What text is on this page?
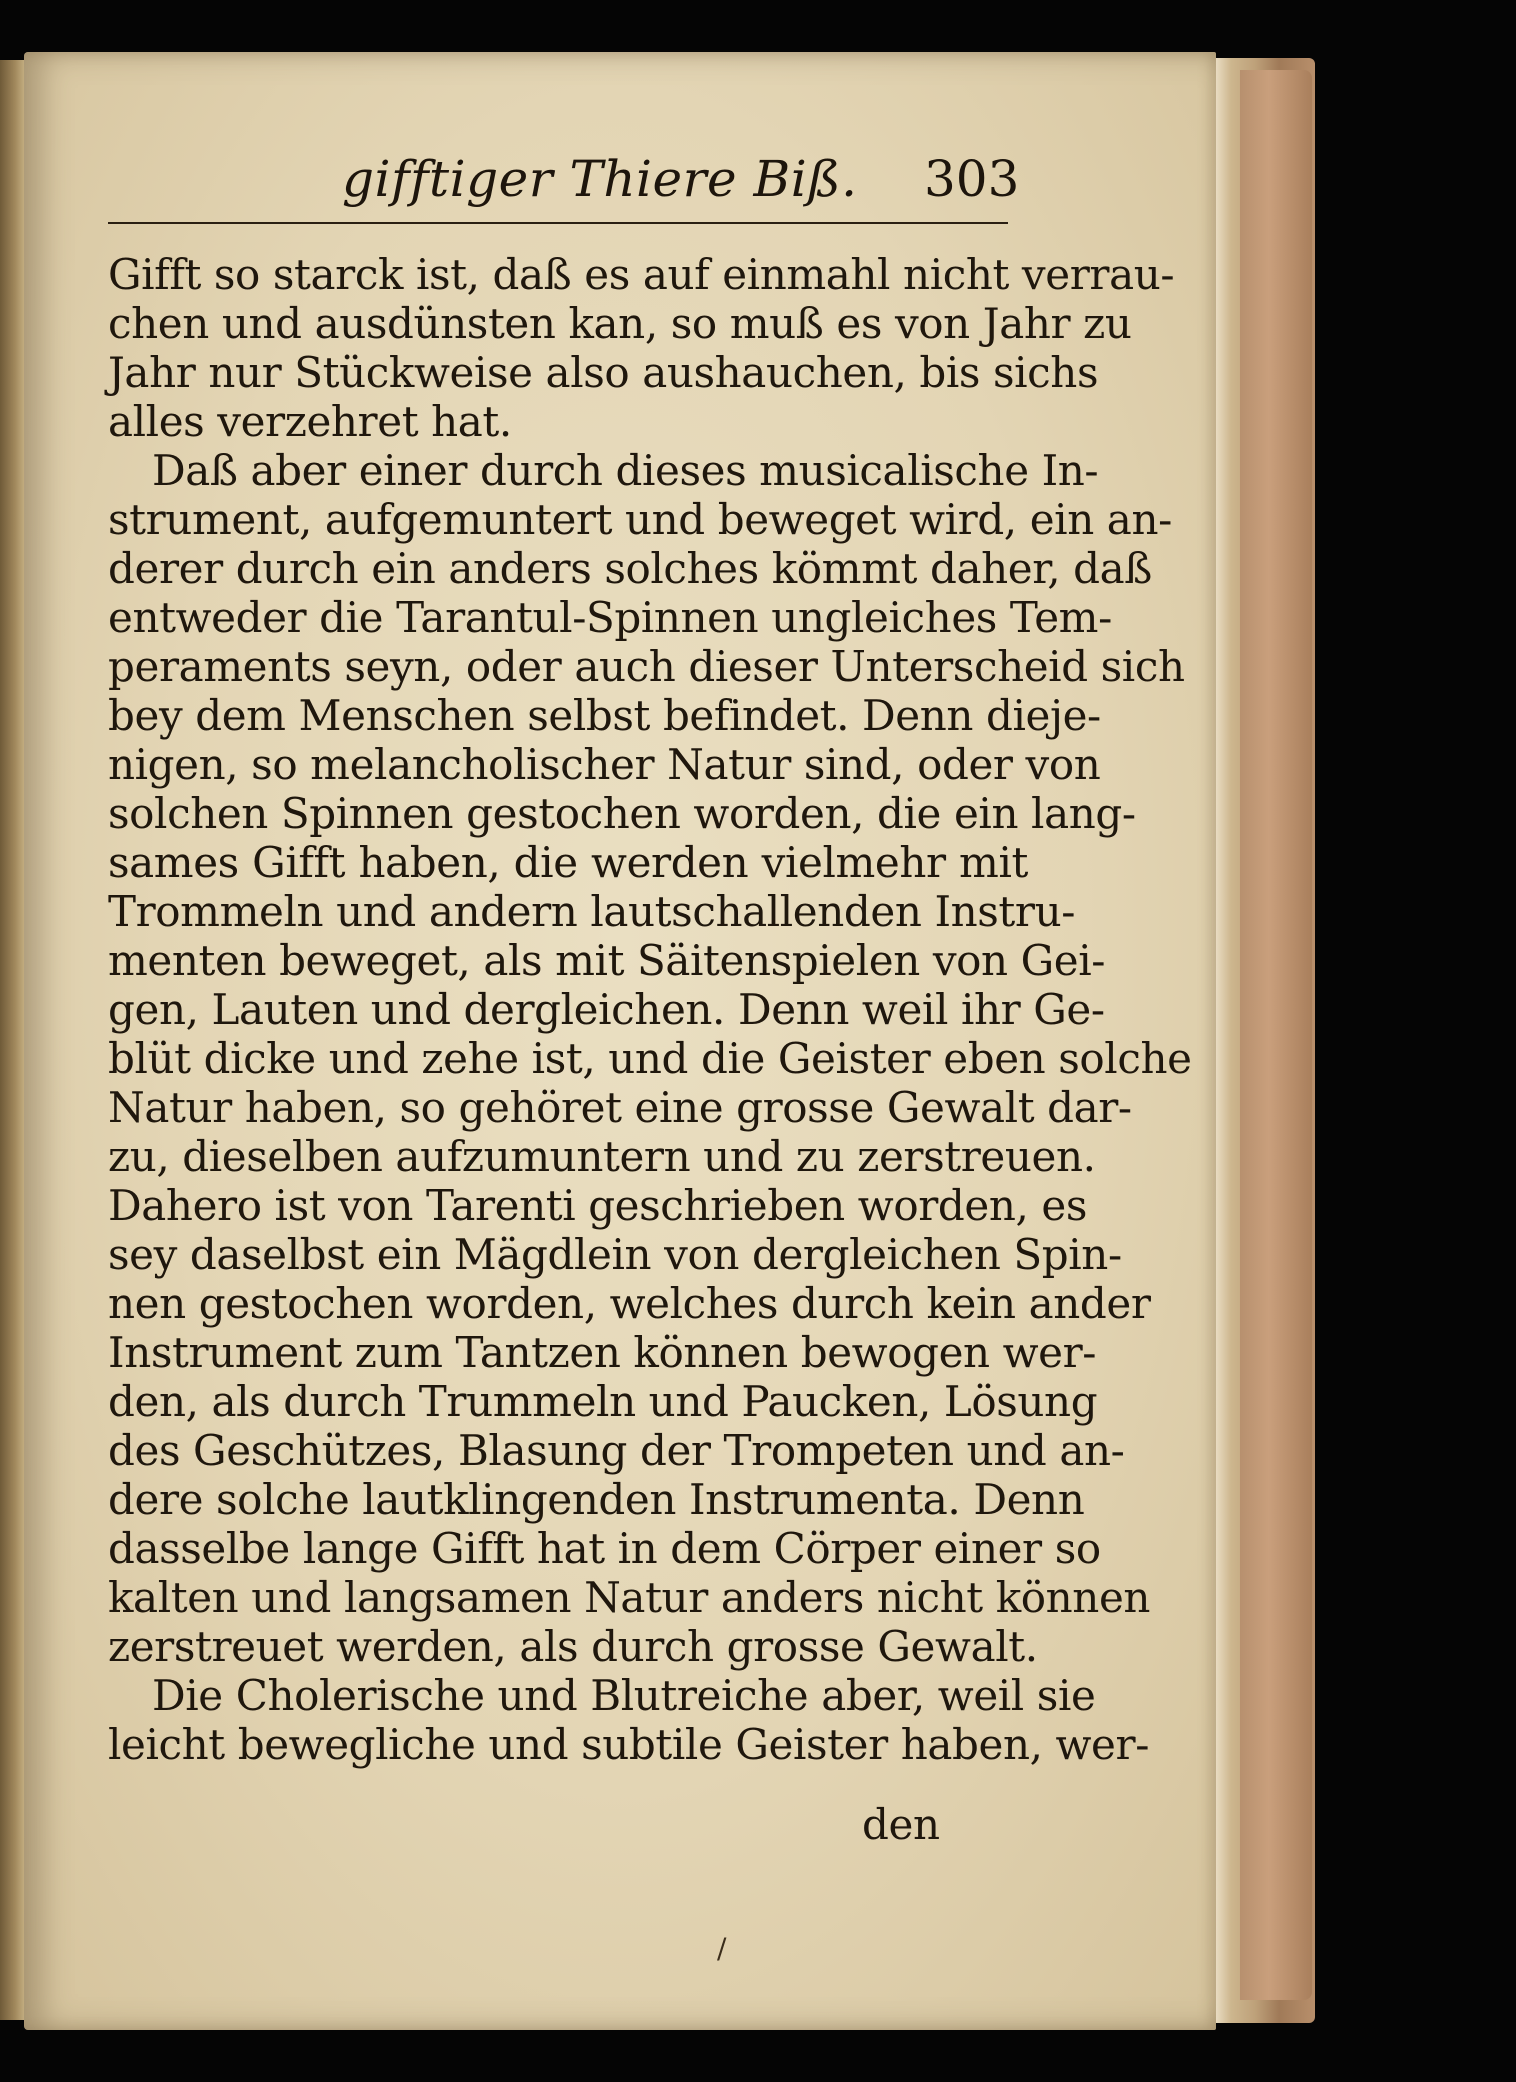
gifftiger Thiere Biß. 303
Gifft so starck ist, daß es auf einmahl nicht verrau-
chen und ausdünsten kan, so muß es von Jahr zu
Jahr nur Stückweise also aushauchen, bis sichs
alles verzehret hat.
Daß aber einer durch dieses musicalische In-
strument, aufgemuntert und beweget wird, ein an-
derer durch ein anders solches kömmt daher, daß
entweder die Tarantul-Spinnen ungleiches Tem-
peraments seyn, oder auch dieser Unterscheid sich
bey dem Menschen selbst befindet. Denn dieje-
nigen, so melancholischer Natur sind, oder von
solchen Spinnen gestochen worden, die ein lang-
sames Gifft haben, die werden vielmehr mit
Trommeln und andern lautschallenden Instru-
menten beweget, als mit Säitenspielen von Gei-
gen, Lauten und dergleichen. Denn weil ihr Ge-
blüt dicke und zehe ist, und die Geister eben solche
Natur haben, so gehöret eine grosse Gewalt dar-
zu, dieselben aufzumuntern und zu zerstreuen.
Dahero ist von Tarenti geschrieben worden, es
sey daselbst ein Mägdlein von dergleichen Spin-
nen gestochen worden, welches durch kein ander
Instrument zum Tantzen können bewogen wer-
den, als durch Trummeln und Paucken, Lösung
des Geschützes, Blasung der Trompeten und an-
dere solche lautklingenden Instrumenta. Denn
dasselbe lange Gifft hat in dem Cörper einer so
kalten und langsamen Natur anders nicht können
zerstreuet werden, als durch grosse Gewalt.
Die Cholerische und Blutreiche aber, weil sie
leicht bewegliche und subtile Geister haben, wer-
den
/
